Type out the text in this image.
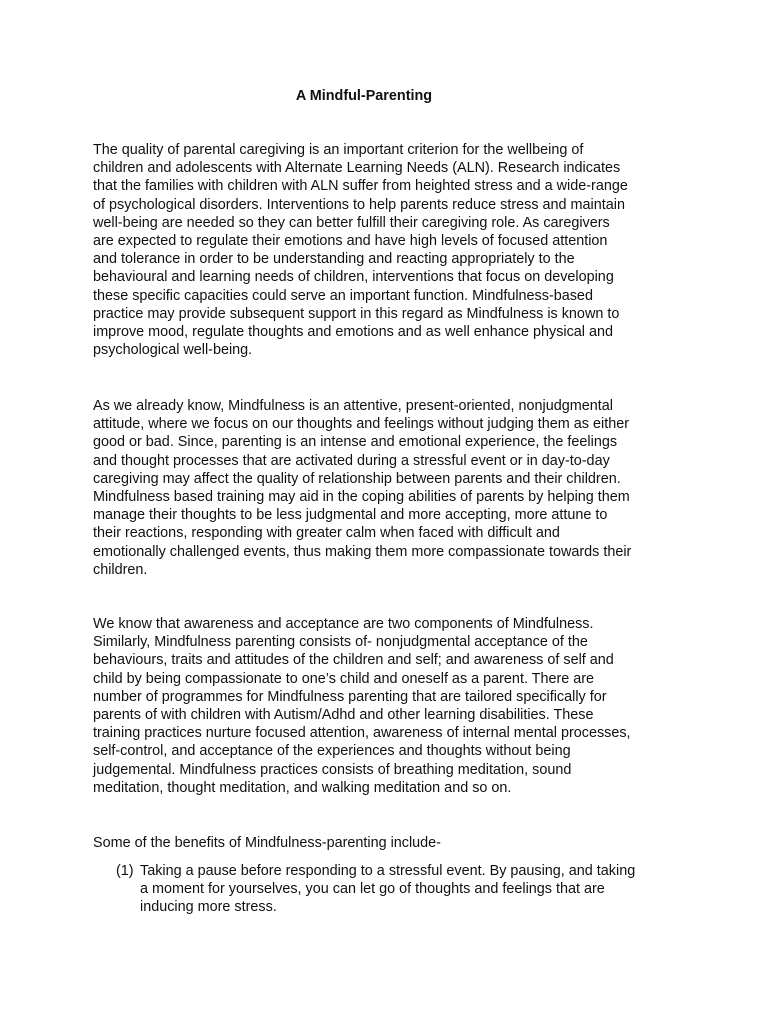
A Mindful-Parenting
The quality of parental caregiving is an important criterion for the wellbeing of
children and adolescents with Alternate Learning Needs (ALN). Research indicates
that the families with children with ALN suffer from heighted stress and a wide-range
of psychological disorders. Interventions to help parents reduce stress and maintain
well-being are needed so they can better fulfill their caregiving role. As caregivers
are expected to regulate their emotions and have high levels of focused attention
and tolerance in order to be understanding and reacting appropriately to the
behavioural and learning needs of children, interventions that focus on developing
these specific capacities could serve an important function. Mindfulness-based
practice may provide subsequent support in this regard as Mindfulness is known to
improve mood, regulate thoughts and emotions and as well enhance physical and
psychological well-being.
As we already know, Mindfulness is an attentive, present-oriented, nonjudgmental
attitude, where we focus on our thoughts and feelings without judging them as either
good or bad. Since, parenting is an intense and emotional experience, the feelings
and thought processes that are activated during a stressful event or in day-to-day
caregiving may affect the quality of relationship between parents and their children.
Mindfulness based training may aid in the coping abilities of parents by helping them
manage their thoughts to be less judgmental and more accepting, more attune to
their reactions, responding with greater calm when faced with difficult and
emotionally challenged events, thus making them more compassionate towards their
children.
We know that awareness and acceptance are two components of Mindfulness.
Similarly, Mindfulness parenting consists of- nonjudgmental acceptance of the
behaviours, traits and attitudes of the children and self; and awareness of self and
child by being compassionate to one’s child and oneself as a parent. There are
number of programmes for Mindfulness parenting that are tailored specifically for
parents of with children with Autism/Adhd and other learning disabilities. These
training practices nurture focused attention, awareness of internal mental processes,
self-control, and acceptance of the experiences and thoughts without being
judgemental. Mindfulness practices consists of breathing meditation, sound
meditation, thought meditation, and walking meditation and so on.
Some of the benefits of Mindfulness-parenting include-
(1) Taking a pause before responding to a stressful event. By pausing, and taking
a moment for yourselves, you can let go of thoughts and feelings that are
inducing more stress.
